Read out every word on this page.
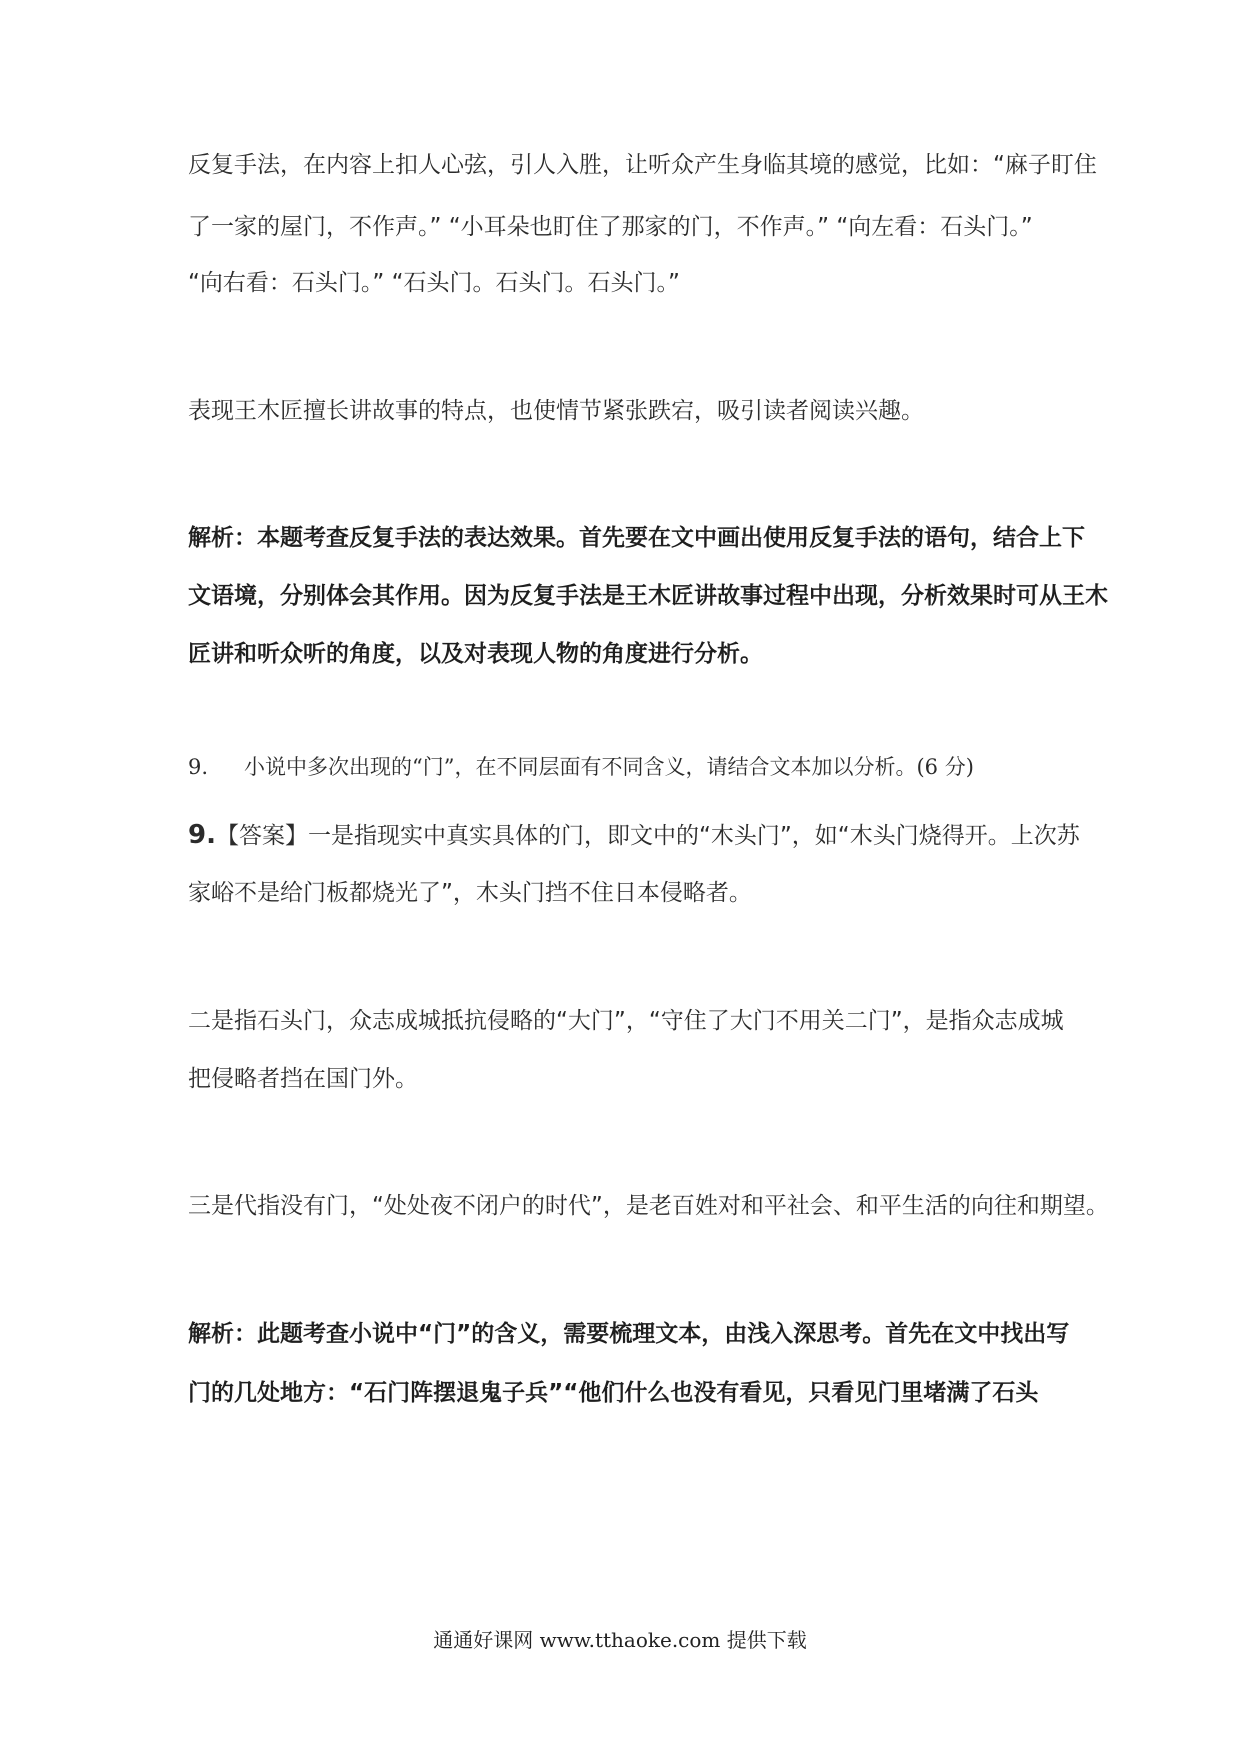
反复手法，在内容上扣人心弦，引人入胜，让听众产生身临其境的感觉，比如：“麻子盯住
了一家的屋门，不作声。” “小耳朵也盯住了那家的门，不作声。” “向左看：石头门。”
“向右看：石头门。” “石头门。石头门。石头门。”
表现王木匠擅长讲故事的特点，也使情节紧张跌宕，吸引读者阅读兴趣。
解析：本题考查反复手法的表达效果。首先要在文中画出使用反复手法的语句，结合上下
文语境，分别体会其作用。因为反复手法是王木匠讲故事过程中出现，分析效果时可从王木
匠讲和听众听的角度，以及对表现人物的角度进行分析。
9. 小说中多次出现的“门”，在不同层面有不同含义，请结合文本加以分析。(6 分)
9.【答案】一是指现实中真实具体的门，即文中的“木头门”，如“木头门烧得开。上次苏
家峪不是给门板都烧光了”，木头门挡不住日本侵略者。
二是指石头门，众志成城抵抗侵略的“大门”，“守住了大门不用关二门”，是指众志成城
把侵略者挡在国门外。
三是代指没有门，“处处夜不闭户的时代”，是老百姓对和平社会、和平生活的向往和期望。
解析：此题考查小说中“门”的含义，需要梳理文本，由浅入深思考。首先在文中找出写
门的几处地方：“石门阵摆退鬼子兵”“他们什么也没有看见，只看见门里堵满了石头
通通好课网 www.tthaoke.com 提供下载
